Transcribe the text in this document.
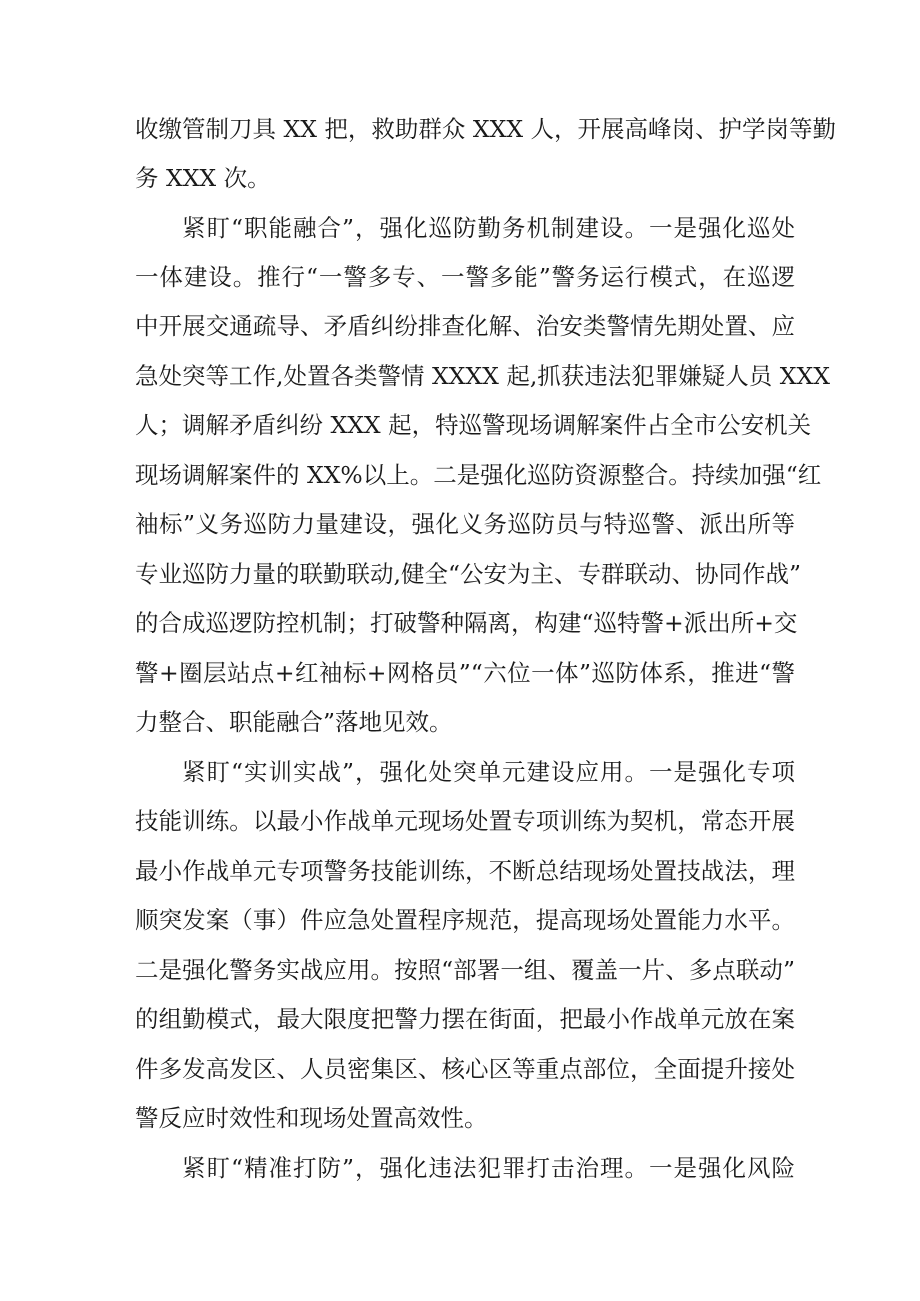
收缴管制刀具 XX 把，救助群众 XXX 人，开展高峰岗、护学岗等勤
务 XXX 次。
紧盯“职能融合”，强化巡防勤务机制建设。一是强化巡处
一体建设。推行“一警多专、一警多能”警务运行模式，在巡逻
中开展交通疏导、矛盾纠纷排查化解、治安类警情先期处置、应
急处突等工作,处置各类警情 XXXX 起,抓获违法犯罪嫌疑人员 XXX
人；调解矛盾纠纷 XXX 起，特巡警现场调解案件占全市公安机关
现场调解案件的 XX%以上。二是强化巡防资源整合。持续加强“红
袖标”义务巡防力量建设，强化义务巡防员与特巡警、派出所等
专业巡防力量的联勤联动,健全“公安为主、专群联动、协同作战”
的合成巡逻防控机制；打破警种隔离，构建“巡特警+派出所+交
警+圈层站点+红袖标+网格员”“六位一体”巡防体系，推进“警
力整合、职能融合”落地见效。
紧盯“实训实战”，强化处突单元建设应用。一是强化专项
技能训练。以最小作战单元现场处置专项训练为契机，常态开展
最小作战单元专项警务技能训练，不断总结现场处置技战法，理
顺突发案（事）件应急处置程序规范，提高现场处置能力水平。
二是强化警务实战应用。按照“部署一组、覆盖一片、多点联动”
的组勤模式，最大限度把警力摆在街面，把最小作战单元放在案
件多发高发区、人员密集区、核心区等重点部位，全面提升接处
警反应时效性和现场处置高效性。
紧盯“精准打防”，强化违法犯罪打击治理。一是强化风险
